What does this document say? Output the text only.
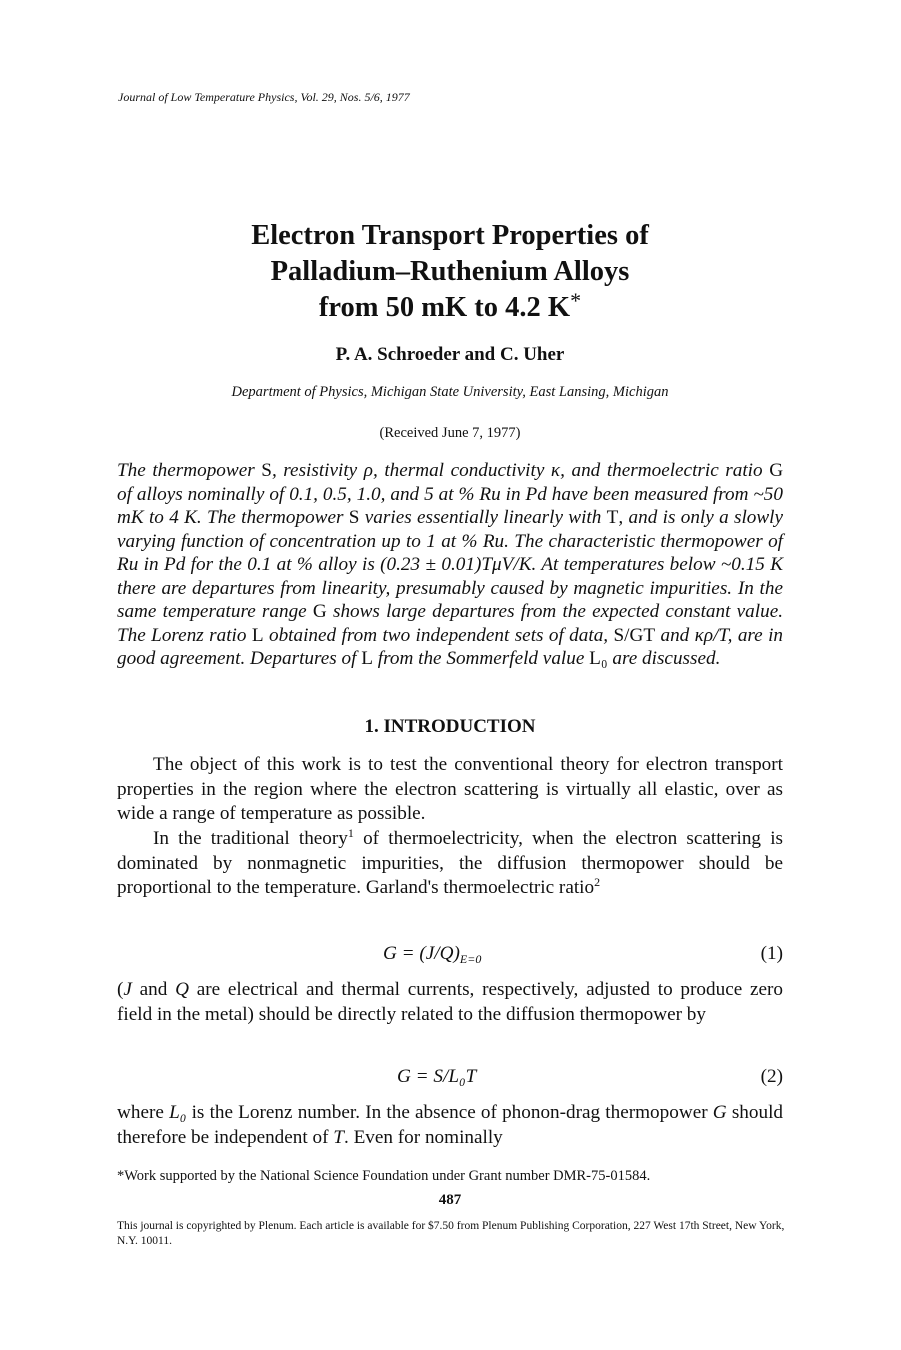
Journal of Low Temperature Physics, Vol. 29, Nos. 5/6, 1977
Electron Transport Properties of
Palladium–Ruthenium Alloys
from 50 mK to 4.2 K*
P. A. Schroeder and C. Uher
Department of Physics, Michigan State University, East Lansing, Michigan
(Received June 7, 1977)
The thermopower S, resistivity ρ, thermal conductivity κ, and thermoelectric ratio G of alloys nominally of 0.1, 0.5, 1.0, and 5 at % Ru in Pd have been measured from ~50 mK to 4 K. The thermopower S varies essentially linearly with T, and is only a slowly varying function of concentration up to 1 at % Ru. The characteristic thermopower of Ru in Pd for the 0.1 at % alloy is (0.23 ± 0.01)TμV/K. At temperatures below ~0.15 K there are departures from linearity, presumably caused by magnetic impurities. In the same temperature range G shows large departures from the expected constant value. The Lorenz ratio L obtained from two independent sets of data, S/GT and κρ/T, are in good agreement. Departures of L from the Sommerfeld value L₀ are discussed.
1. INTRODUCTION
The object of this work is to test the conventional theory for electron transport properties in the region where the electron scattering is virtually all elastic, over as wide a range of temperature as possible.
In the traditional theory$^1$ of thermoelectricity, when the electron scattering is dominated by nonmagnetic impurities, the diffusion thermopower should be proportional to the temperature. Garland's thermoelectric ratio$^2$
$G = (J/Q)_{E=0}$	(1)
(J and Q are electrical and thermal currents, respectively, adjusted to produce zero field in the metal) should be directly related to the diffusion thermopower by
G = S/L₀T	(2)
where L₀ is the Lorenz number. In the absence of phonon-drag thermopower G should therefore be independent of T. Even for nominally
*Work supported by the National Science Foundation under Grant number DMR-75-01584.
487
This journal is copyrighted by Plenum. Each article is available for $7.50 from Plenum Publishing Corporation, 227 West 17th Street, New York, N.Y. 10011.
